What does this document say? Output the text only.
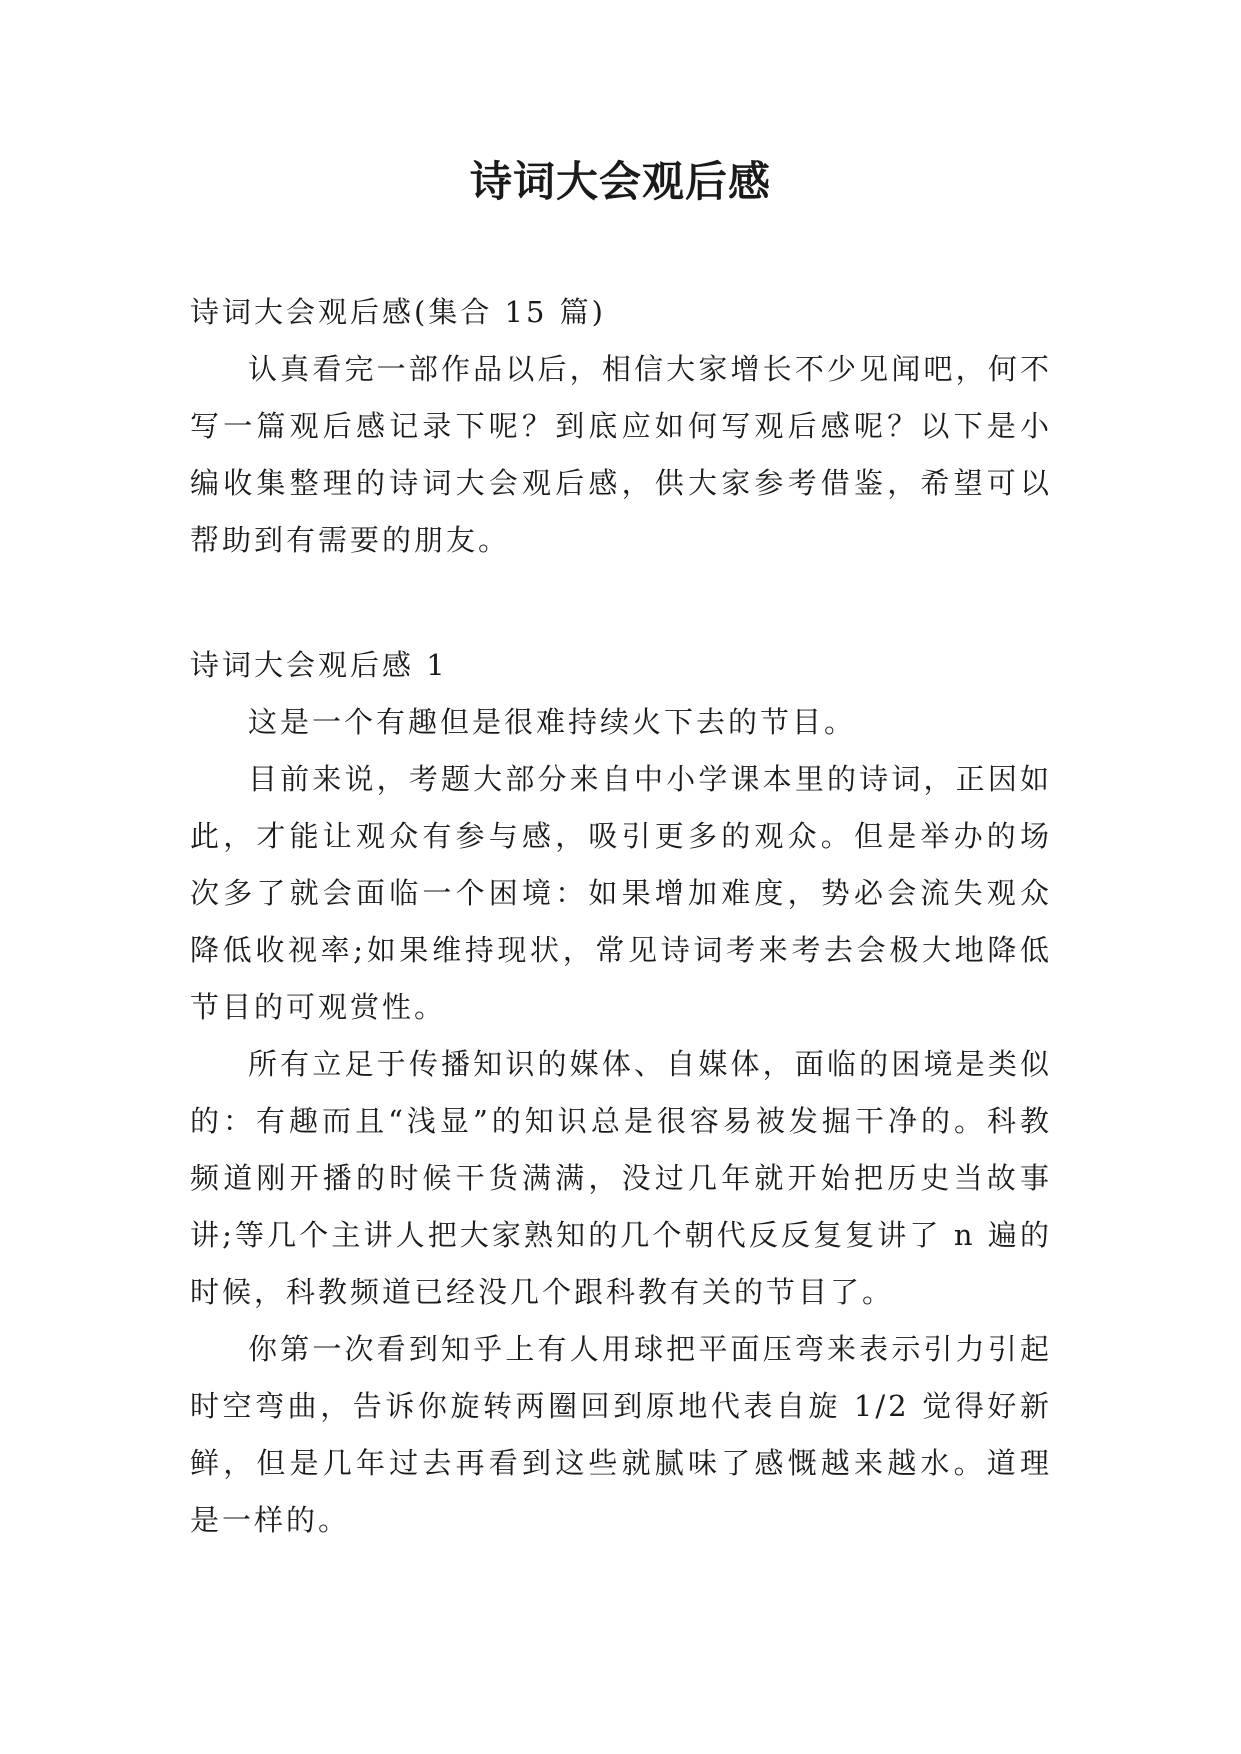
诗词大会观后感

诗词大会观后感(集合 15 篇)

认真看完一部作品以后，相信大家增长不少见闻吧，何不写一篇观后感记录下呢？到底应如何写观后感呢？以下是小编收集整理的诗词大会观后感，供大家参考借鉴，希望可以帮助到有需要的朋友。

诗词大会观后感 1

这是一个有趣但是很难持续火下去的节目。

目前来说，考题大部分来自中小学课本里的诗词，正因如此，才能让观众有参与感，吸引更多的观众。但是举办的场次多了就会面临一个困境：如果增加难度，势必会流失观众降低收视率;如果维持现状，常见诗词考来考去会极大地降低节目的可观赏性。

所有立足于传播知识的媒体、自媒体，面临的困境是类似的：有趣而且“浅显”的知识总是很容易被发掘干净的。科教频道刚开播的时候干货满满，没过几年就开始把历史当故事讲;等几个主讲人把大家熟知的几个朝代反反复复讲了 n 遍的时候，科教频道已经没几个跟科教有关的节目了。

你第一次看到知乎上有人用球把平面压弯来表示引力引起时空弯曲，告诉你旋转两圈回到原地代表自旋 1/2 觉得好新鲜，但是几年过去再看到这些就腻味了感慨越来越水。道理是一样的。
